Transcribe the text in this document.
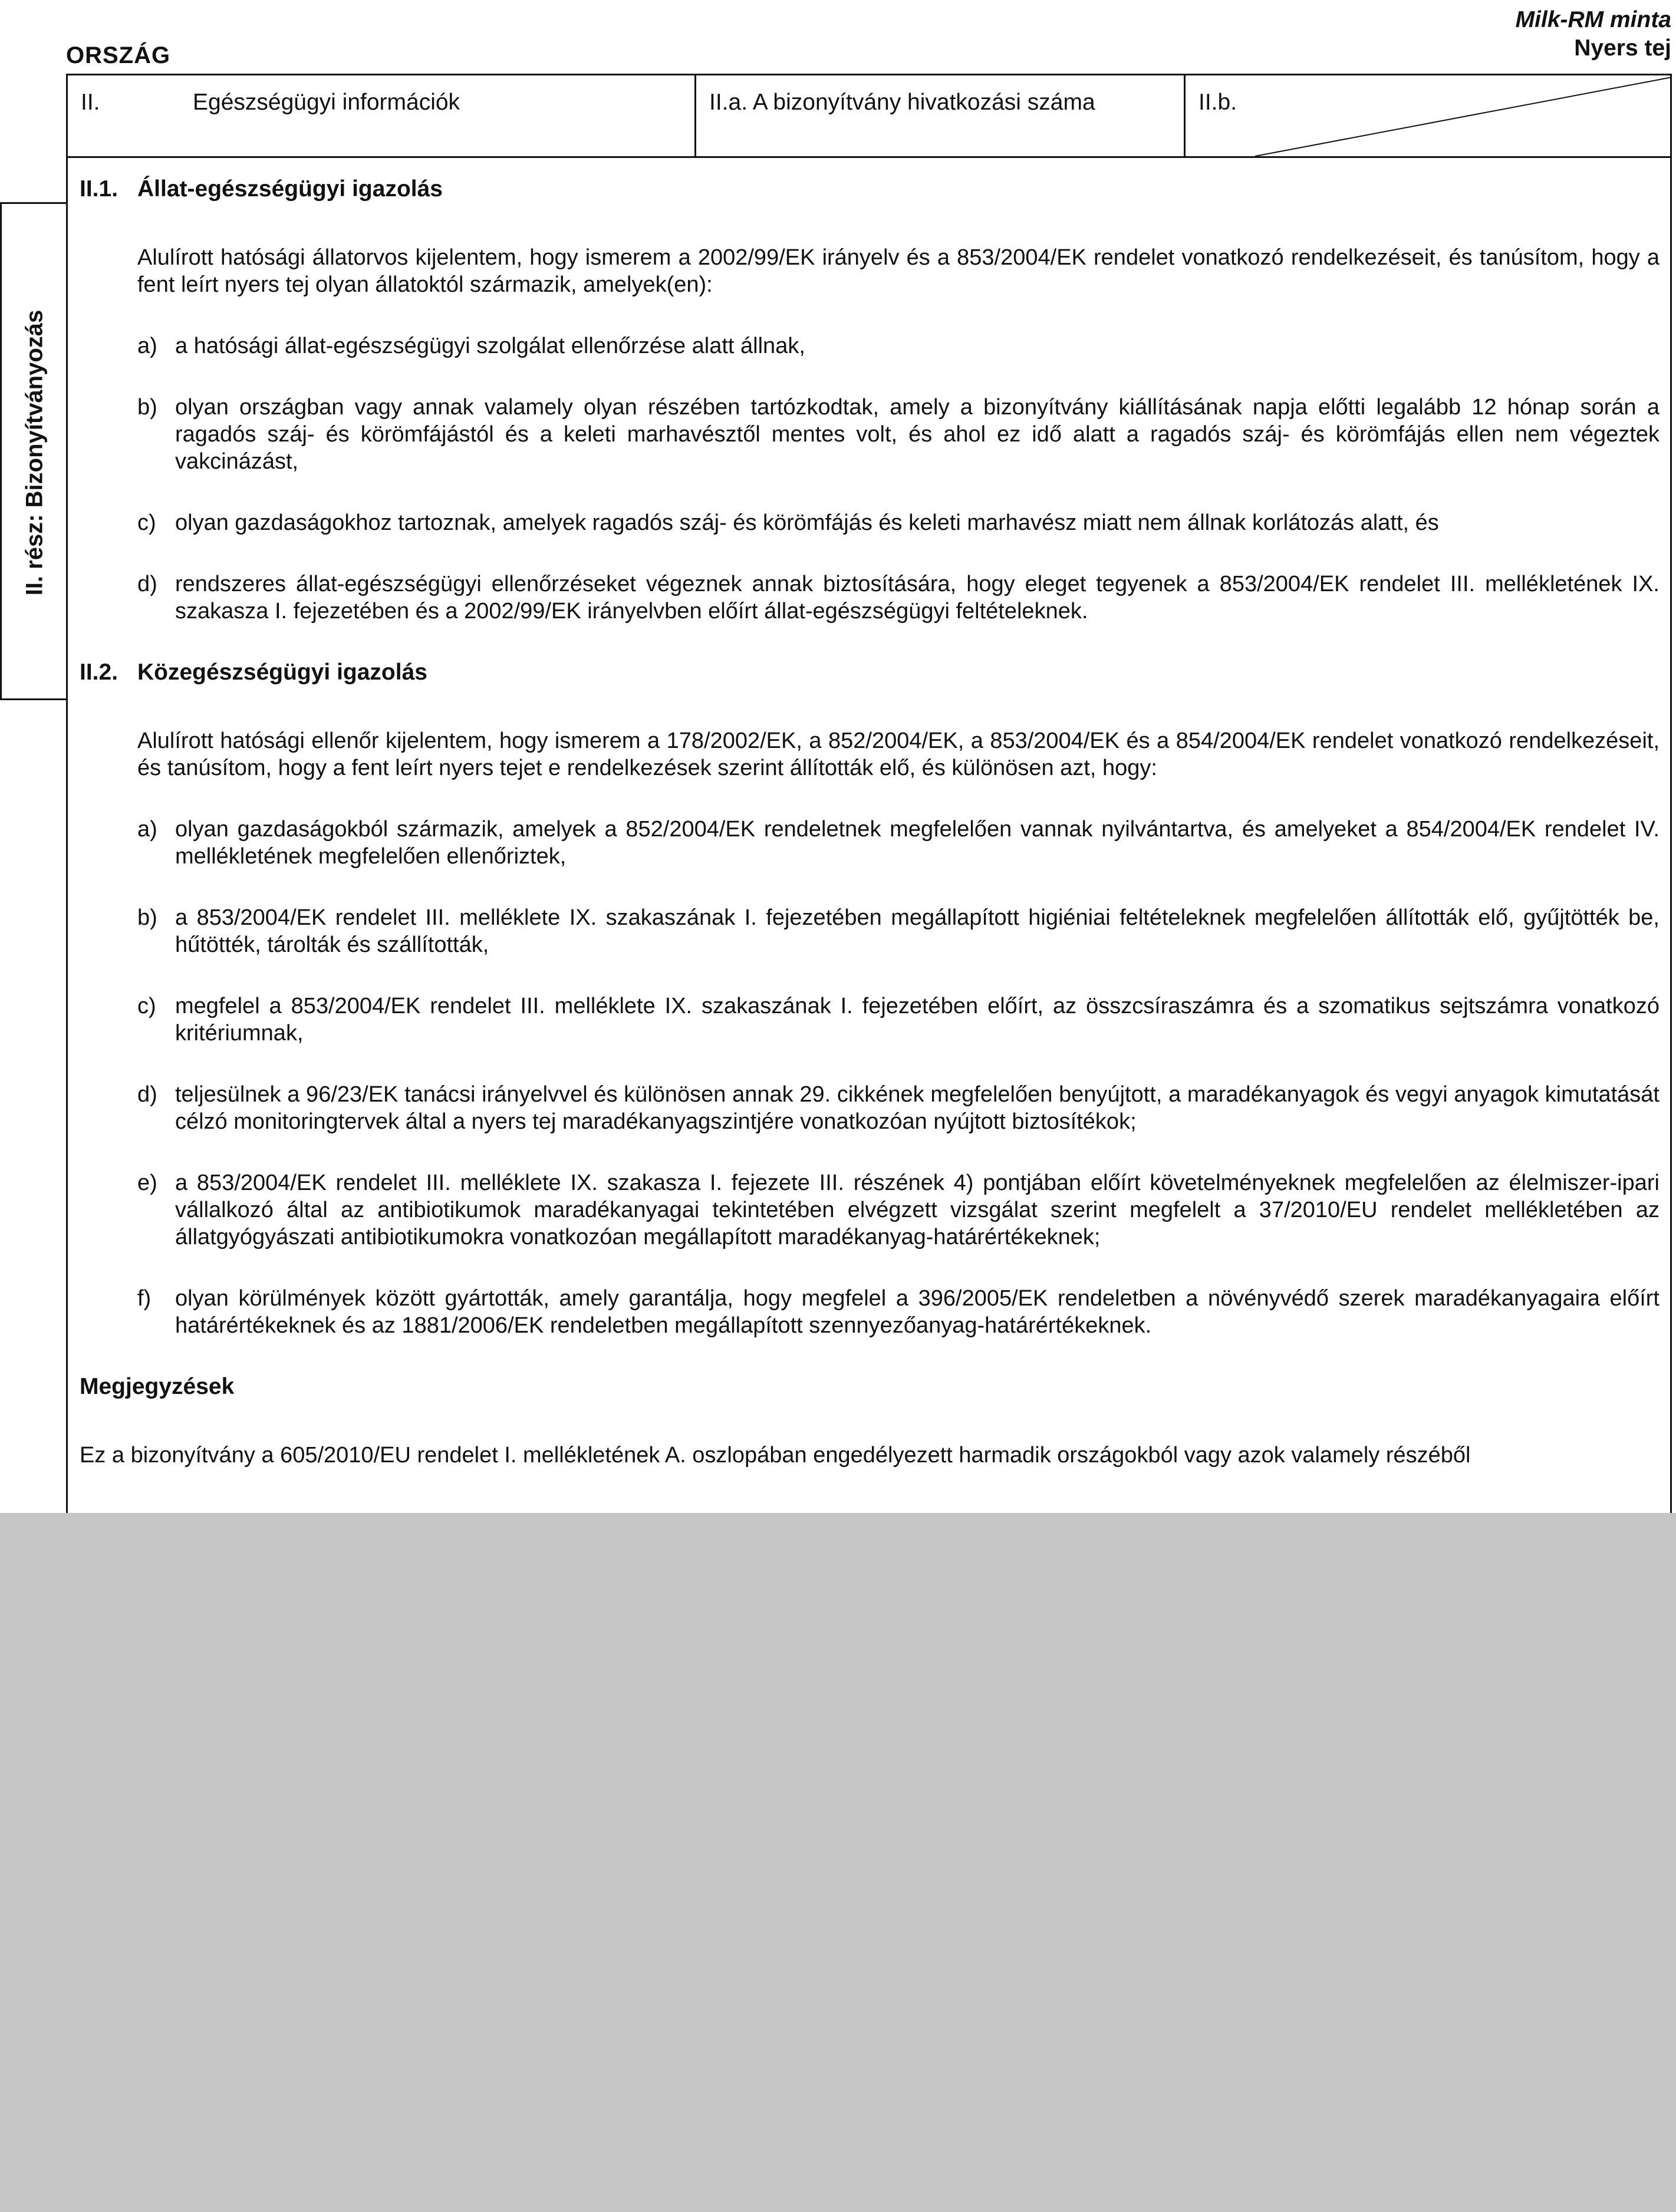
Milk-RM minta
Nyers tej
ORSZÁG
II.	Egészségügyi információk	II.a. A bizonyítvány hivatkozási száma	II.b.
II. rész: Bizonyítványozás
II.1. Állat-egészségügyi igazolás
Alulírott hatósági állatorvos kijelentem, hogy ismerem a 2002/99/EK irányelv és a 853/2004/EK rendelet vonatkozó rendelkezéseit, és tanúsítom, hogy a fent leírt nyers tej olyan állatoktól származik, amelyek(en):
a) a hatósági állat-egészségügyi szolgálat ellenőrzése alatt állnak,
b) olyan országban vagy annak valamely olyan részében tartózkodtak, amely a bizonyítvány kiállításának napja előtti legalább 12 hónap során a ragadós száj- és körömfájástól és a keleti marhavésztől mentes volt, és ahol ez idő alatt a ragadós száj- és körömfájás ellen nem végeztek vakcinázást,
c) olyan gazdaságokhoz tartoznak, amelyek ragadós száj- és körömfájás és keleti marhavész miatt nem állnak korlátozás alatt, és
d) rendszeres állat-egészségügyi ellenőrzéseket végeznek annak biztosítására, hogy eleget tegyenek a 853/2004/EK rendelet III. mellékletének IX. szakasza I. fejezetében és a 2002/99/EK irányelvben előírt állat-egészségügyi feltételeknek.
II.2. Közegészségügyi igazolás
Alulírott hatósági ellenőr kijelentem, hogy ismerem a 178/2002/EK, a 852/2004/EK, a 853/2004/EK és a 854/2004/EK rendelet vonatkozó rendelkezéseit, és tanúsítom, hogy a fent leírt nyers tejet e rendelkezések szerint állították elő, és különösen azt, hogy:
a) olyan gazdaságokból származik, amelyek a 852/2004/EK rendeletnek megfelelően vannak nyilvántartva, és amelyeket a 854/2004/EK rendelet IV. mellékletének megfelelően ellenőriztek,
b) a 853/2004/EK rendelet III. melléklete IX. szakaszának I. fejezetében megállapított higiéniai feltételeknek megfelelően állították elő, gyűjtötték be, hűtötték, tárolták és szállították,
c) megfelel a 853/2004/EK rendelet III. melléklete IX. szakaszának I. fejezetében előírt, az összcsíraszámra és a szomatikus sejtszámra vonatkozó kritériumnak,
d) teljesülnek a 96/23/EK tanácsi irányelvvel és különösen annak 29. cikkének megfelelően benyújtott, a maradékanyagok és vegyi anyagok kimutatását célzó monitoringtervek által a nyers tej maradékanyagszintjére vonatkozóan nyújtott biztosítékok;
e) a 853/2004/EK rendelet III. melléklete IX. szakasza I. fejezete III. részének 4) pontjában előírt követelményeknek megfelelően az élelmiszer-ipari vállalkozó által az antibiotikumok maradékanyagai tekintetében elvégzett vizsgálat szerint megfelelt a 37/2010/EU rendelet mellékletében az állatgyógyászati antibiotikumokra vonatkozóan megállapított maradékanyag-határértékeknek;
f) olyan körülmények között gyártották, amely garantálja, hogy megfelel a 396/2005/EK rendeletben a növényvédő szerek maradékanyagaira előírt határértékeknek és az 1881/2006/EK rendeletben megállapított szennyezőanyag-határértékeknek.
Megjegyzések
Ez a bizonyítvány a 605/2010/EU rendelet I. mellékletének A. oszlopában engedélyezett harmadik országokból vagy azok valamely részéből
